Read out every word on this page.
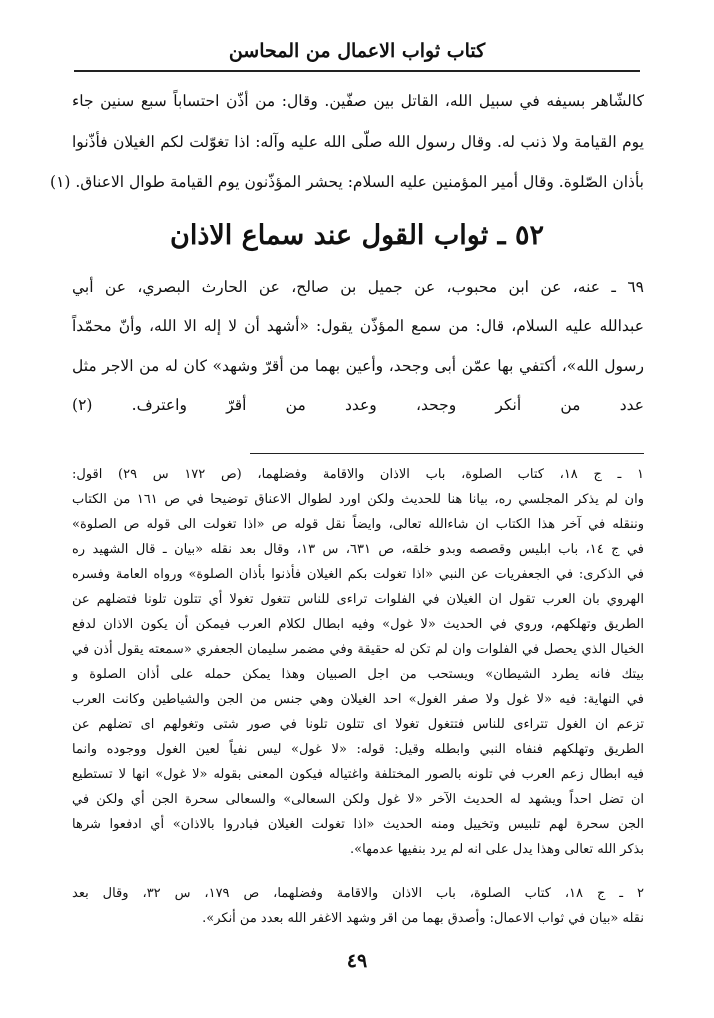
كتاب ثواب الاعمال من المحاسن
كالشّاهر بسيفه في سبيل الله، القاتل بين صفّين. وقال: من أذّن احتساباً سبع سنين جاء
يوم القيامة ولا ذنب له. وقال رسول الله صلّى الله عليه وآله: اذا تغوّلت لكم الغيلان فأذّنوا
بأذان الصّلوة. وقال أمير المؤمنين عليه السلام: يحشر المؤذّنون يوم القيامة طوال الاعناق. (١)
٥٢ ـ ثواب القول عند سماع الاذان
٦٩ ـ عنه، عن ابن محبوب، عن جميل بن صالح، عن الحارث البصري، عن أبي‌
عبدالله عليه السلام، قال: من سمع المؤذّن يقول: «أشهد أن لا إله الا الله، وأنّ محمّداً
رسول الله»، أكتفي بها عمّن أبى وجحد، وأعين بهما من أقرّ وشهد» كان له من الاجر مثل
عدد من أنكر وجحد، وعدد من أقرّ واعترف. (٢)
١ ـ ج ١٨، كتاب الصلوة، باب الاذان والاقامة وفضلهما، (ص ١٧٢ س ٢٩) اقول:
وان لم يذكر المجلسي ره، بيانا هنا للحديث ولكن اورد لطوال الاعناق توضيحا في ص ١٦١ من الكتاب
وننقله في آخر هذا الكتاب ان شاءالله تعالى، وايضاً نقل قوله ص «اذا تغولت الى قوله ص الصلوة»
في ج ١٤، باب ابليس وقصصه وبدو خلقه، ص ٦٣١، س ١٣، وقال بعد نقله «بيان ـ قال الشهيد ره
في الذكرى: في الجعفريات عن النبي «اذا تغولت بكم الغيلان فأذنوا بأذان الصلوة» ورواه العامة وفسره
الهروي بان العرب تقول ان الغيلان في الفلوات تراءى للناس تتغول تغولا أي تتلون تلونا فتضلهم عن
الطريق وتهلكهم، وروي في الحديث «لا غول» وفيه ابطال لكلام العرب فيمكن أن يكون الاذان لدفع
الخيال الذي يحصل في الفلوات وان لم تكن له حقيقة وفي مضمر سليمان الجعفري «سمعته يقول أذن في
بيتك فانه يطرد الشيطان» ويستحب من اجل الصبيان وهذا يمكن حمله على أذان الصلوة و
في النهاية: فيه «لا غول ولا صفر الغول» احد الغيلان وهي جنس من الجن والشياطين وكانت العرب
تزعم ان الغول تتراءى للناس فتتغول تغولا اى تتلون تلونا في صور شتى وتغولهم اى تضلهم عن
الطريق وتهلكهم فنفاه النبي وابطله وقيل: قوله: «لا غول» ليس نفياً لعين الغول ووجوده وانما
فيه ابطال زعم العرب في تلونه بالصور المختلفة واغتياله فيكون المعنى بقوله «لا غول» انها لا تستطيع
ان تضل احداً ويشهد له الحديث الآخر «لا غول ولكن السعالى» والسعالى سحرة الجن أي ولكن في
الجن سحرة لهم تلبيس وتخييل ومنه الحديث «اذا تغولت الغيلان فبادروا بالاذان» أي ادفعوا شرها
بذكر الله تعالى وهذا يدل على انه لم يرد بنفيها عدمها».
٢ ـ ج ١٨، كتاب الصلوة، باب الاذان والاقامة وفضلهما، ص ١٧٩، س ٣٢، وقال بعد
نقله «بيان في ثواب الاعمال: وأصدق بهما من اقر وشهد الاغفر الله بعدد من أنكر».
٤٩
